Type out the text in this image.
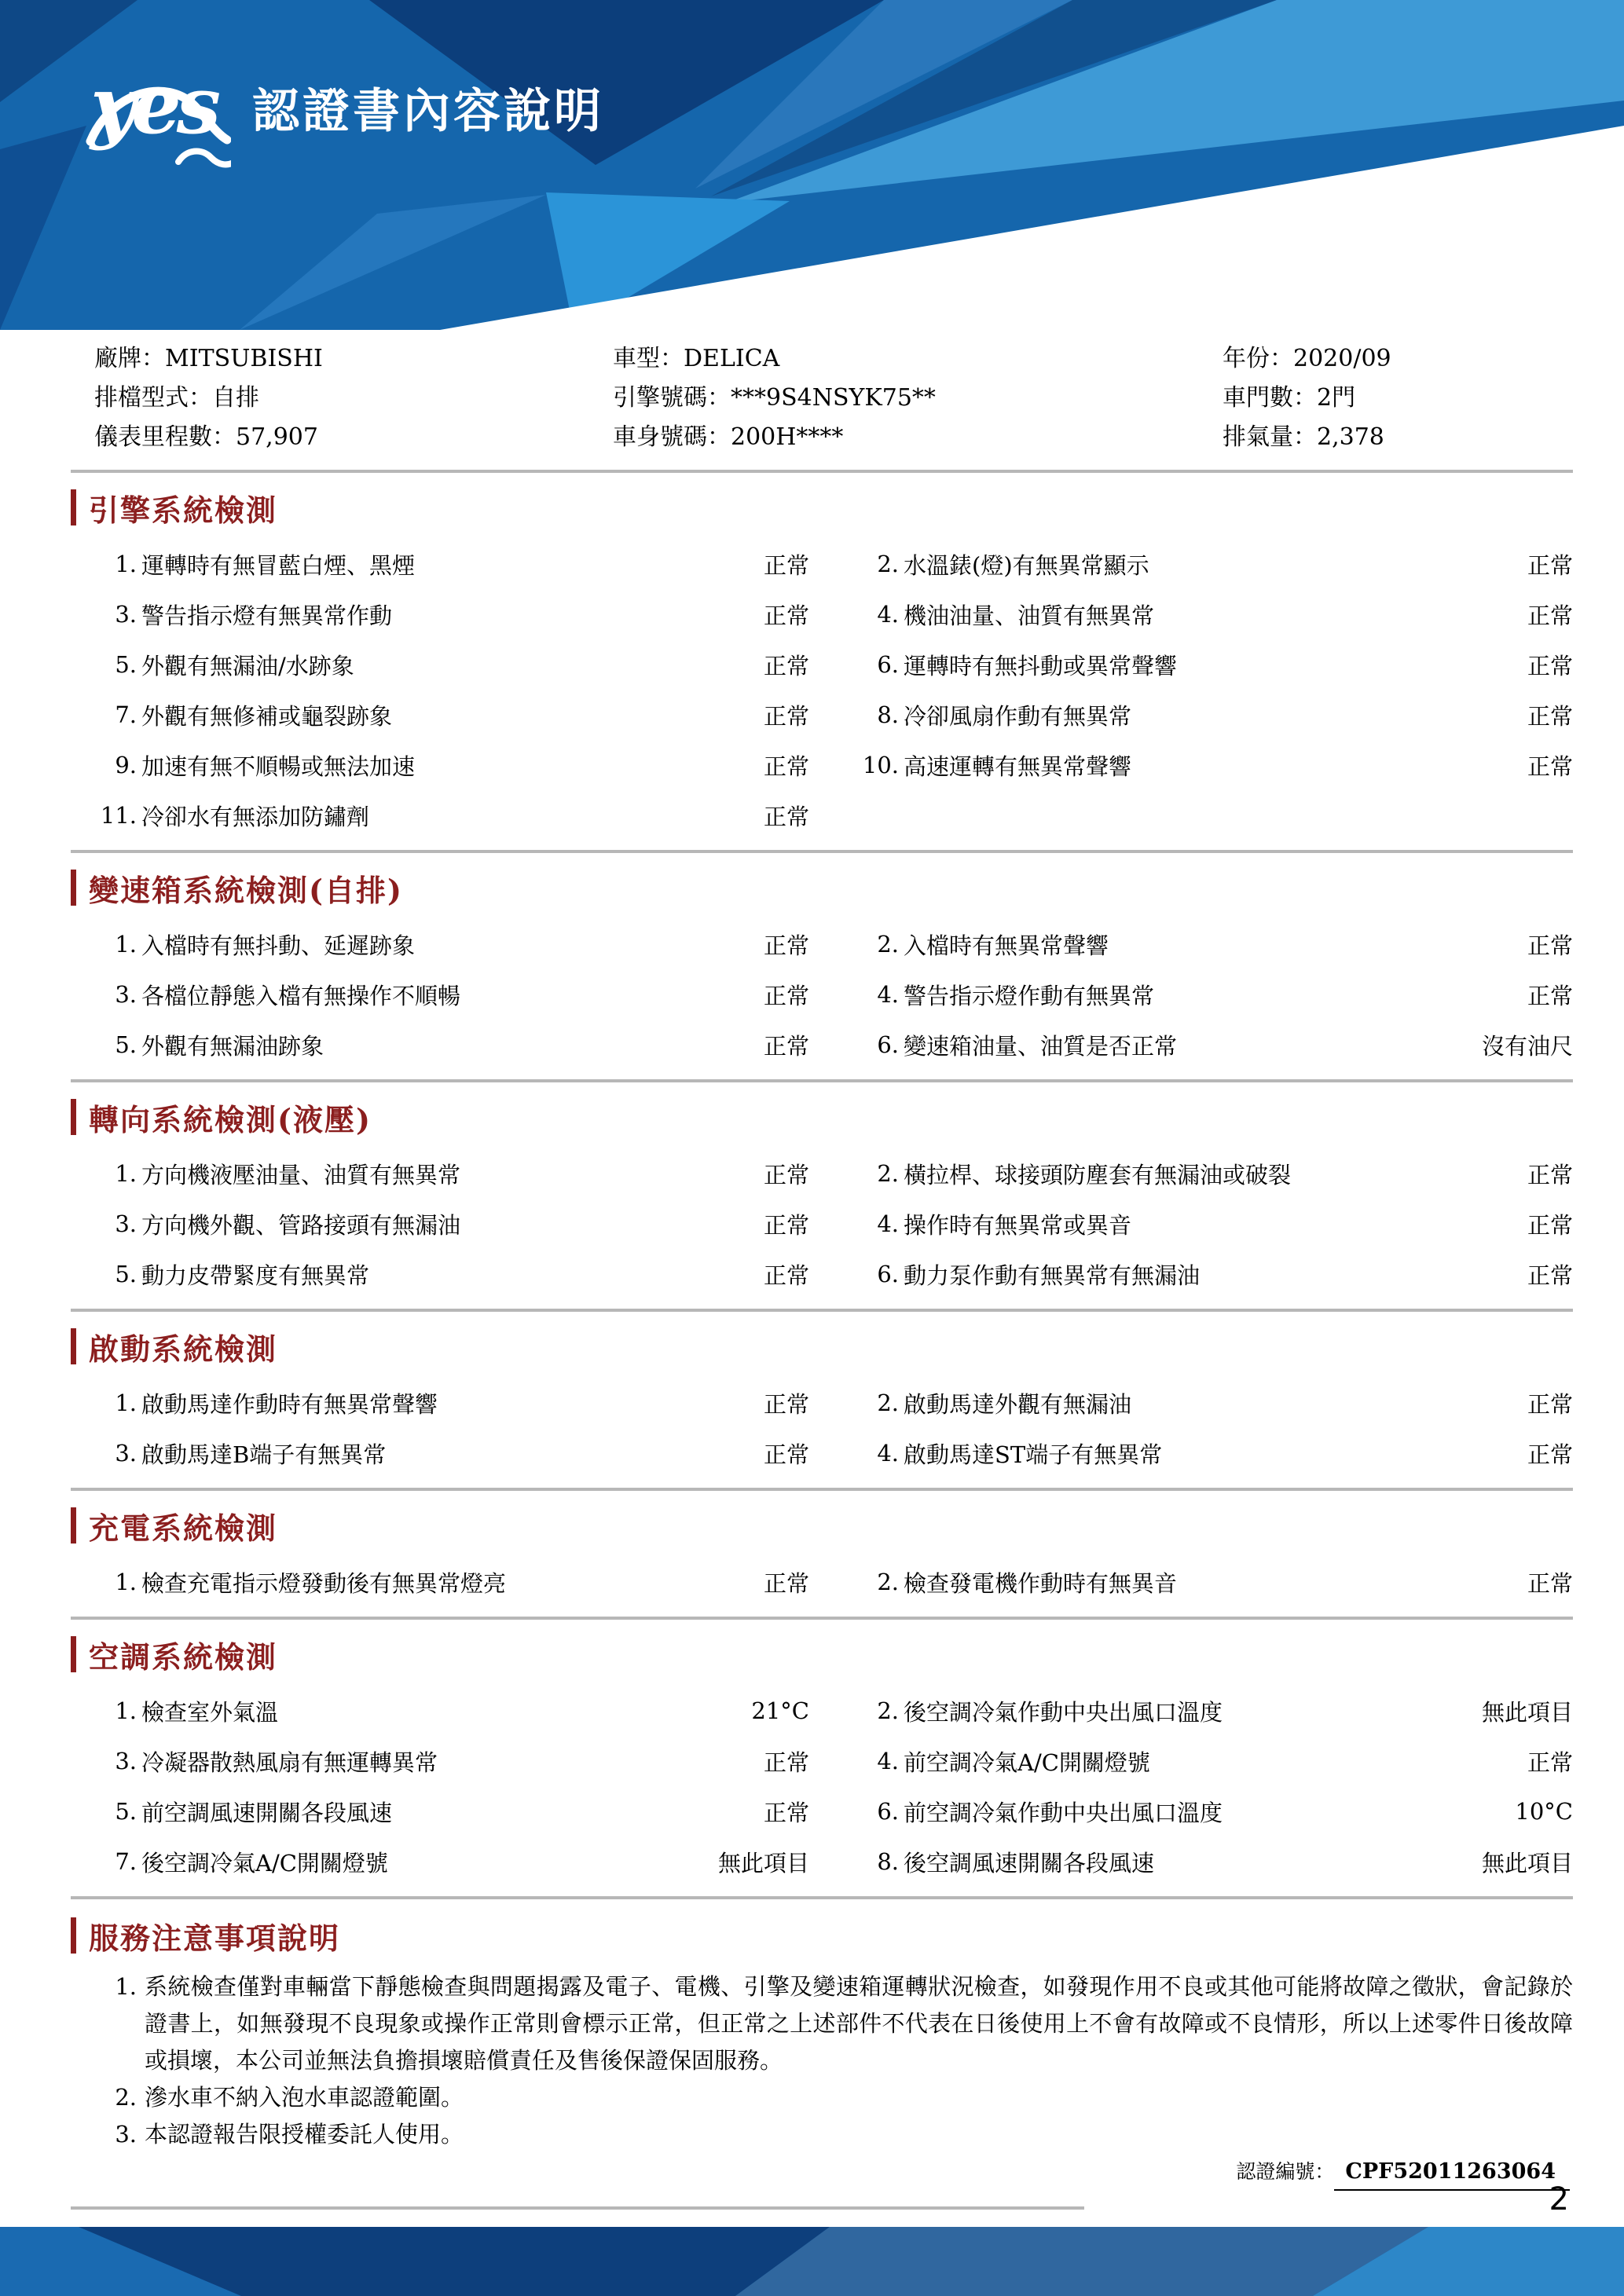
yes 認證書內容說明
廠牌：MITSUBISHI
排檔型式：自排
儀表里程數：57,907
車型：DELICA
引擎號碼：***9S4NSYK75**
車身號碼：200H****
年份：2020/09
車門數：2門
排氣量：2,378
引擎系統檢測
1. 運轉時有無冒藍白煙、黑煙	正常	2. 水溫錶(燈)有無異常顯示	正常
3. 警告指示燈有無異常作動	正常	4. 機油油量、油質有無異常	正常
5. 外觀有無漏油/水跡象	正常	6. 運轉時有無抖動或異常聲響	正常
7. 外觀有無修補或龜裂跡象	正常	8. 冷卻風扇作動有無異常	正常
9. 加速有無不順暢或無法加速	正常 10. 高速運轉有無異常聲響	正常
11. 冷卻水有無添加防鏽劑	正常
變速箱系統檢測(自排)
1. 入檔時有無抖動、延遲跡象	正常	2. 入檔時有無異常聲響	正常
3. 各檔位靜態入檔有無操作不順暢	正常	4. 警告指示燈作動有無異常	正常
5. 外觀有無漏油跡象	正常	6. 變速箱油量、油質是否正常	沒有油尺
轉向系統檢測(液壓)
1. 方向機液壓油量、油質有無異常	正常	2. 橫拉桿、球接頭防塵套有無漏油或破裂	正常
3. 方向機外觀、管路接頭有無漏油	正常	4. 操作時有無異常或異音	正常
5. 動力皮帶緊度有無異常	正常	6. 動力泵作動有無異常有無漏油	正常
啟動系統檢測
1. 啟動馬達作動時有無異常聲響	正常	2. 啟動馬達外觀有無漏油	正常
3. 啟動馬達B端子有無異常	正常	4. 啟動馬達ST端子有無異常	正常
充電系統檢測
1. 檢查充電指示燈發動後有無異常燈亮	正常	2. 檢查發電機作動時有無異音	正常
空調系統檢測
1. 檢查室外氣溫	21°C	2. 後空調冷氣作動中央出風口溫度	無此項目
3. 冷凝器散熱風扇有無運轉異常	正常	4. 前空調冷氣A/C開關燈號	正常
5. 前空調風速開關各段風速	正常	6. 前空調冷氣作動中央出風口溫度	10°C
7. 後空調冷氣A/C開關燈號	無此項目	8. 後空調風速開關各段風速	無此項目
服務注意事項說明
1. 系統檢查僅對車輛當下靜態檢查與問題揭露及電子、電機、引擎及變速箱運轉狀況檢查，如發現作用不良或其他可能將故障之徵狀，會記錄於證書上，如無發現不良現象或操作正常則會標示正常，但正常之上述部件不代表在日後使用上不會有故障或不良情形，所以上述零件日後故障或損壞，本公司並無法負擔損壞賠償責任及售後保證保固服務。
2. 滲水車不納入泡水車認證範圍。
3. 本認證報告限授權委託人使用。
認證編號： CPF52011263064
2
